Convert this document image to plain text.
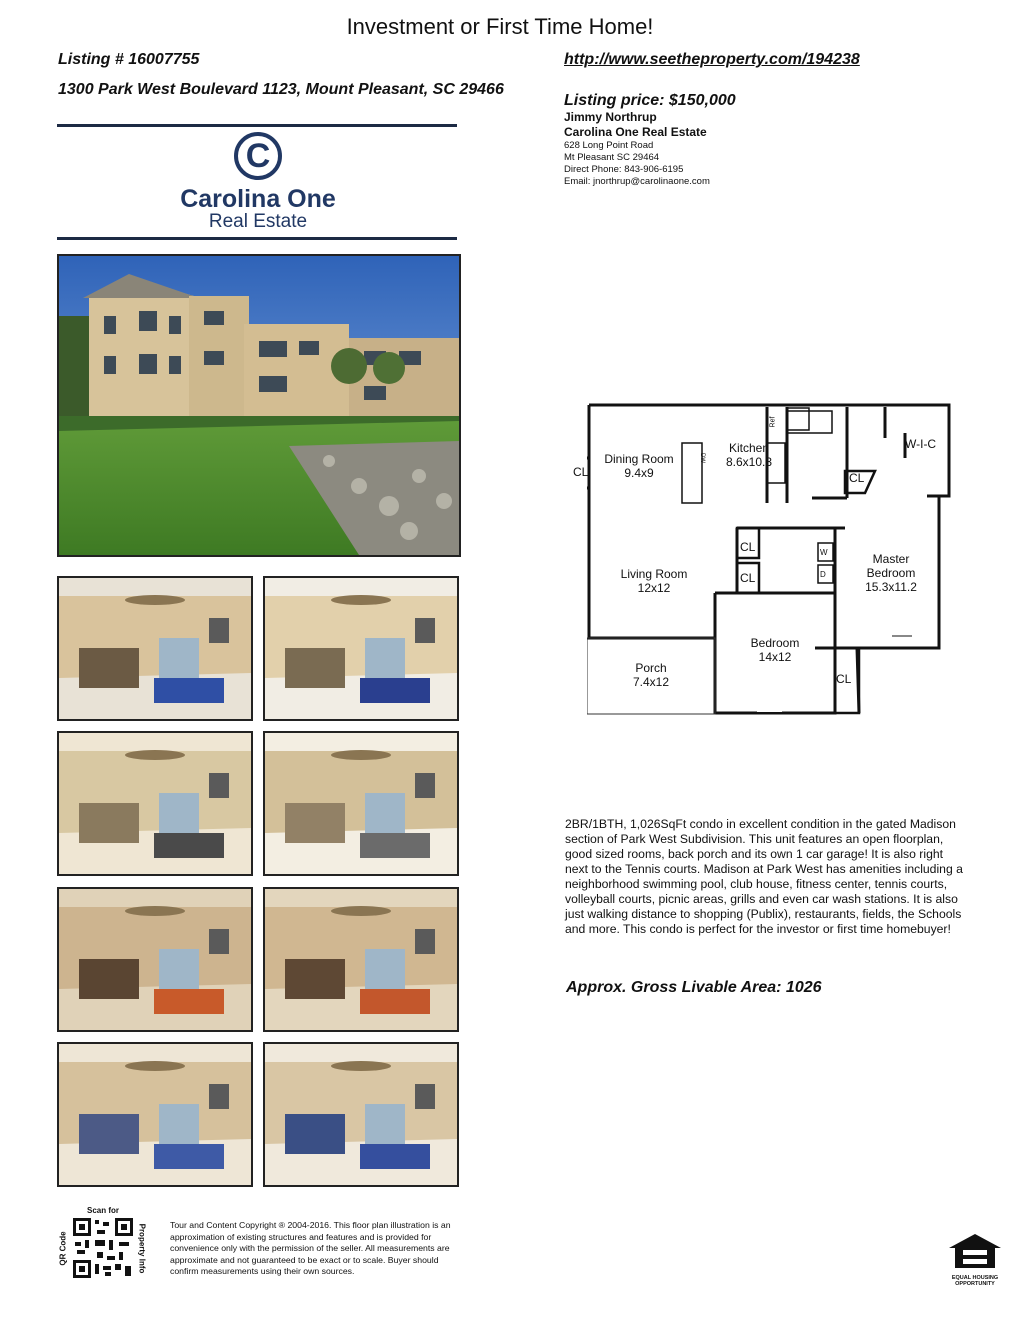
Investment or First Time Home!
Listing # 16007755
1300 Park West Boulevard 1123, Mount Pleasant, SC 29466
http://www.seetheproperty.com/194238
Listing price: $150,000
Jimmy Northrup
Carolina One Real Estate
628 Long Point Road
Mt Pleasant SC 29464
Direct Phone: 843-906-6195
Email: jnorthrup@carolinaone.com
C
Carolina One
Real Estate
CL
Dining Room
9.4x9
Kitchen
8.6x10.3
Ref
DW
W-I-C
CL
CL
CL
W
D
Living Room
12x12
Master
Bedroom
15.3x11.2
Bedroom
14x12
Porch
7.4x12	CL
2BR/1BTH, 1,026SqFt condo in excellent condition in the gated Madison section of Park West Subdivision. This unit features an open floorplan, good sized rooms, back porch and its own 1 car garage! It is also right next to the Tennis courts. Madison at Park West has amenities including a neighborhood swimming pool, club house, fitness center, tennis courts, volleyball courts, picnic areas, grills and even car wash stations. It is also just walking distance to shopping (Publix), restaurants, fields, the Schools and more. This condo is perfect for the investor or first time homebuyer!
Approx. Gross Livable Area: 1026
Scan for
QR Code	Property Info	Tour and Content Copyright ® 2004-2016. This floor plan illustration is an approximation of existing structures and features and is provided for convenience only with the permission of the seller. All measurements are approximate and not guaranteed to be exact or to scale. Buyer should confirm measurements using their own sources.
EQUAL HOUSING
OPPORTUNITY
